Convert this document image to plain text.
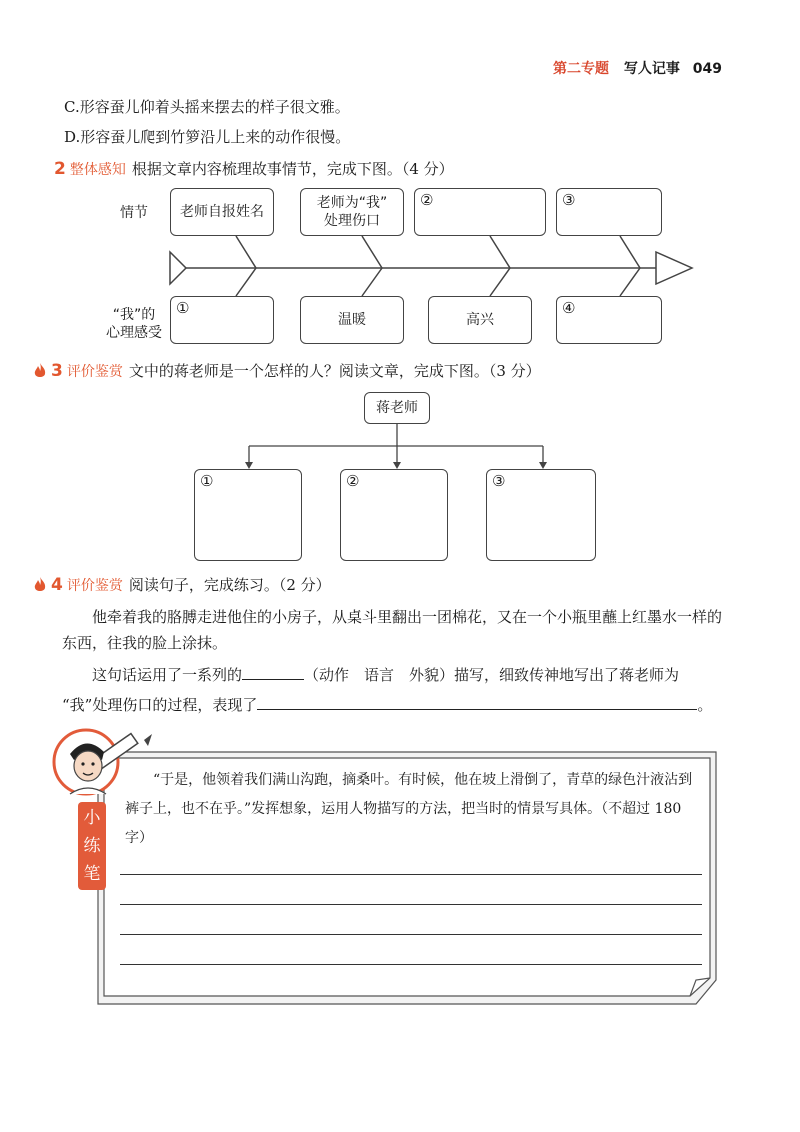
第二专题 写人记事 049
C.形容蚕儿仰着头摇来摆去的样子很文雅。
D.形容蚕儿爬到竹箩沿儿上来的动作很慢。
2 整体感知 根据文章内容梳理故事情节，完成下图。（4 分）
情节
“我”的
心理感受
老师自报姓名
老师为“我”
处理伤口
②	③
①
温暖	高兴
④
3 评价鉴赏 文中的蒋老师是一个怎样的人？阅读文章，完成下图。（3 分）
蒋老师
①	②	③
4 评价鉴赏 阅读句子，完成练习。（2 分）
他牵着我的胳膊走进他住的小房子，从桌斗里翻出一团棉花，又在一个小瓶里蘸上红墨水一样的东西，往我的脸上涂抹。
这句话运用了一系列的	（动作　语言　外貌）描写，细致传神地写出了蒋老师为
“我”处理伤口的过程，表现了	。
小练笔
“于是，他领着我们满山沟跑，摘桑叶。有时候，他在坡上滑倒了，青草的绿色汁液沾到裤子上，也不在乎。”发挥想象，运用人物描写的方法，把当时的情景写具体。（不超过 180 字）
